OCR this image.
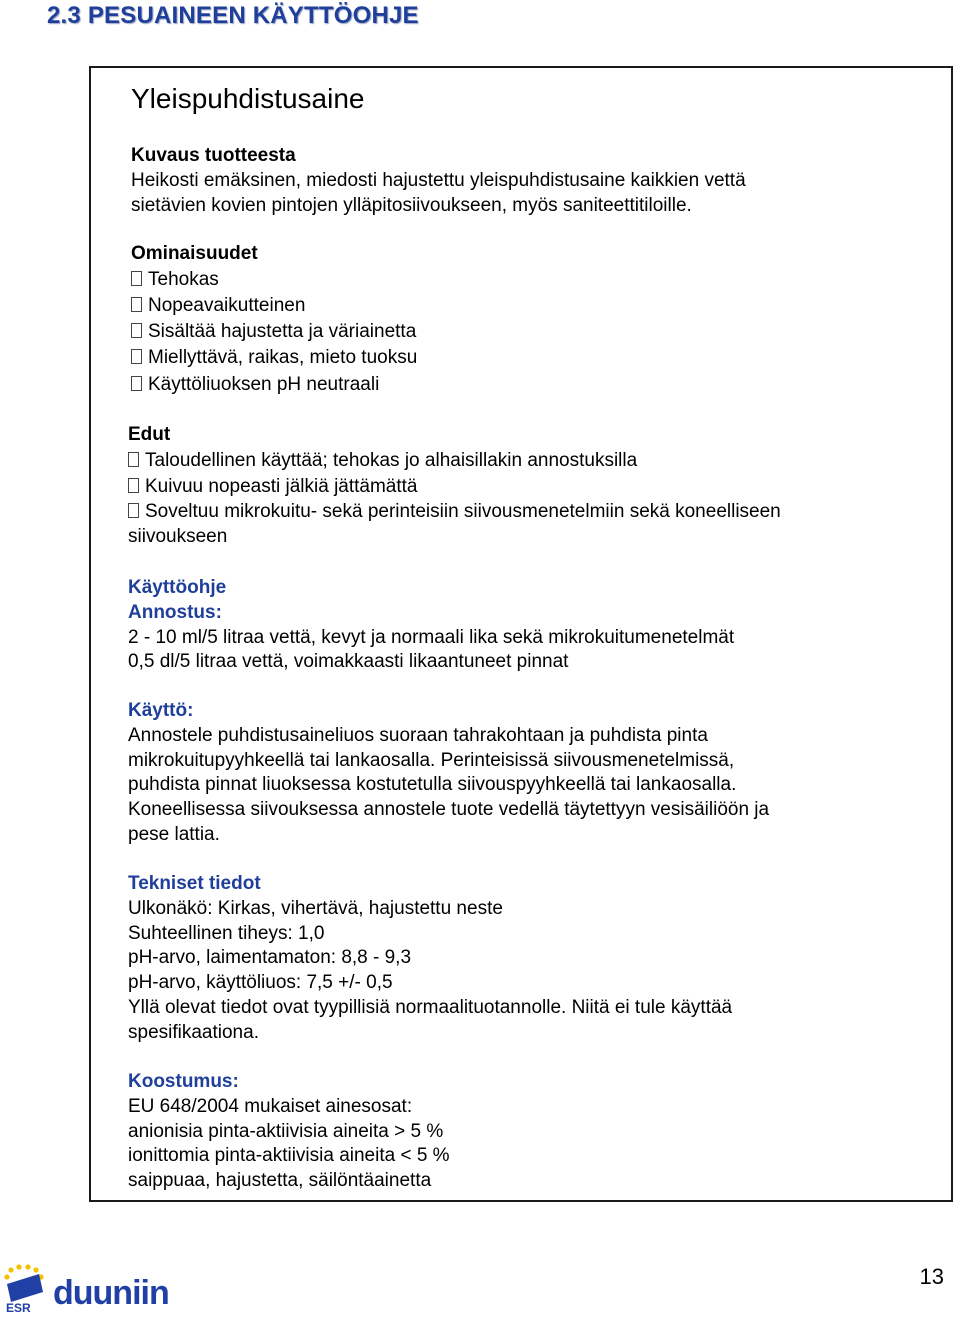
2.3 PESUAINEEN KÄYTTÖOHJE
Yleispuhdistusaine
Kuvaus tuotteesta

Heikosti emäksinen, miedosti hajustettu yleispuhdistusaine kaikkien vettä

sietävien kovien pintojen ylläpitosiivoukseen, myös saniteettitiloille.

Ominaisuudet
Tehokas
Nopeavaikutteinen
Sisältää hajustetta ja väriainetta
Miellyttävä, raikas, mieto tuoksu
Käyttöliuoksen pH neutraali
Edut
Taloudellinen käyttää; tehokas jo alhaisillakin annostuksilla
Kuivuu nopeasti jälkiä jättämättä
Soveltuu mikrokuitu- sekä perinteisiin siivousmenetelmiin sekä koneelliseen
siivoukseen
Käyttöohje
Annostus:

2 - 10 ml/5 litraa vettä, kevyt ja normaali lika sekä mikrokuitumenetelmät

0,5 dl/5 litraa vettä, voimakkaasti likaantuneet pinnat

Käyttö:

Annostele puhdistusaineliuos suoraan tahrakohtaan ja puhdista pinta

mikrokuitupyyhkeellä tai lankaosalla. Perinteisissä siivousmenetelmissä,

puhdista pinnat liuoksessa kostutetulla siivouspyyhkeellä tai lankaosalla.

Koneellisessa siivouksessa annostele tuote vedellä täytettyyn vesisäiliöön ja

pese lattia.

Tekniset tiedot

Ulkonäkö: Kirkas, vihertävä, hajustettu neste

Suhteellinen tiheys: 1,0

pH-arvo, laimentamaton: 8,8 - 9,3

pH-arvo, käyttöliuos: 7,5 +/- 0,5

Yllä olevat tiedot ovat tyypillisiä normaalituotannolle. Niitä ei tule käyttää

spesifikaationa.

Koostumus:

EU 648/2004 mukaiset ainesosat:

anionisia pinta-aktiivisia aineita > 5 %

ionittomia pinta-aktiivisia aineita < 5 %

saippuaa, hajustetta, säilöntäainetta

ESR duuniin	13
